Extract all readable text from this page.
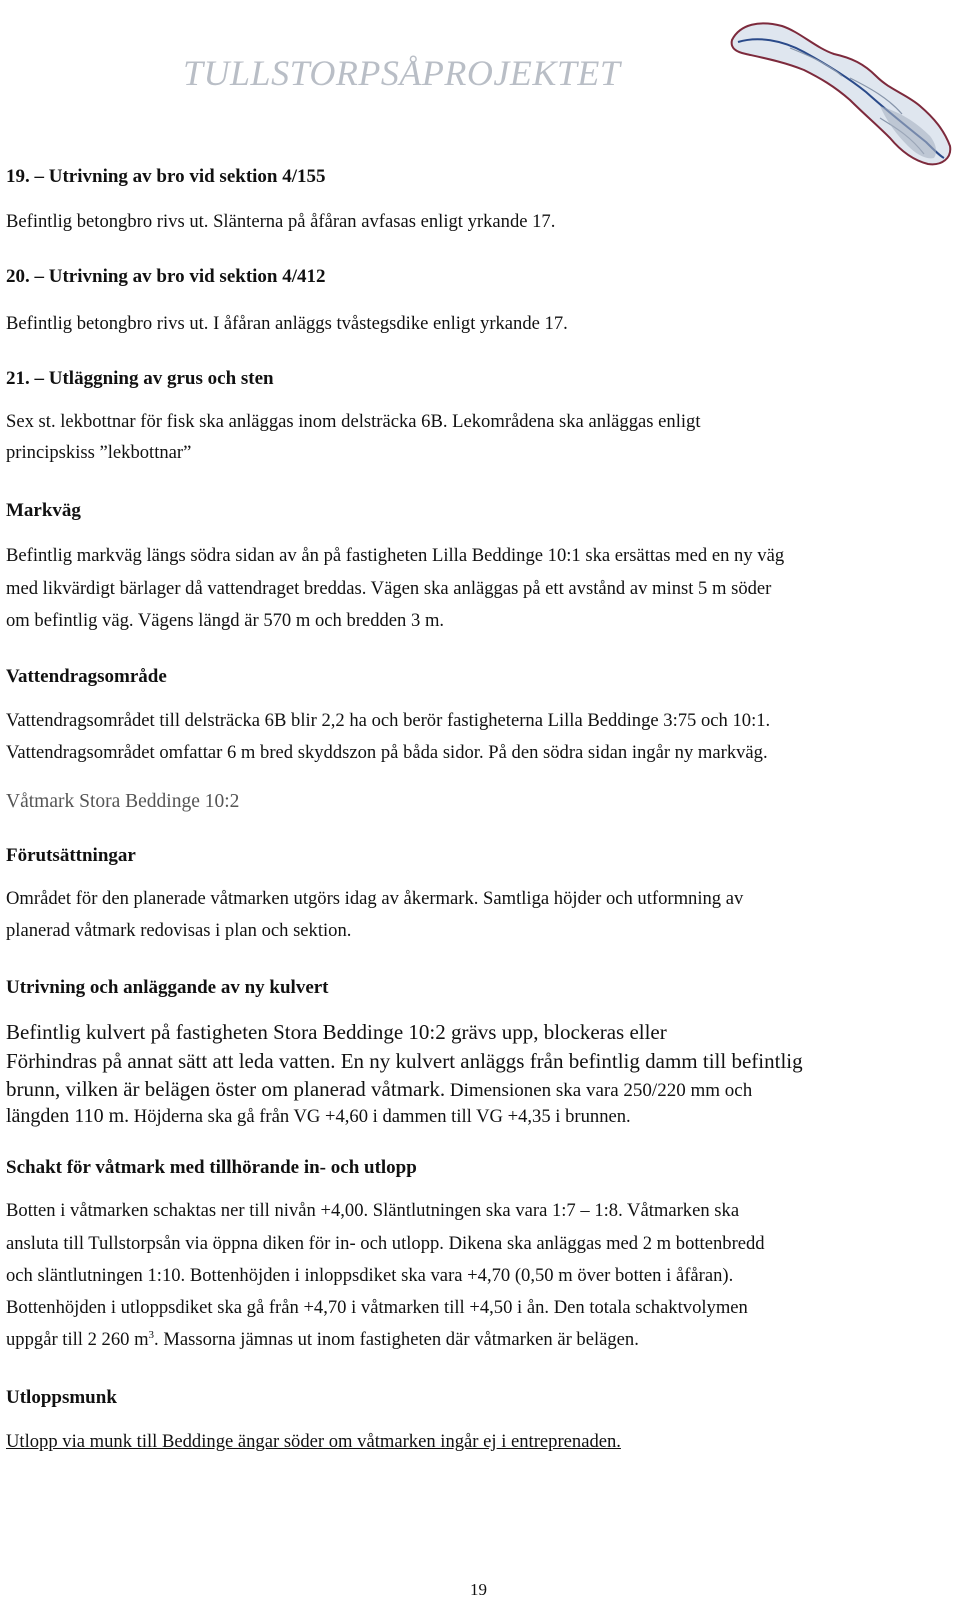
TULLSTORPSÅPROJEKTET
19. – Utrivning av bro vid sektion 4/155
Befintlig betongbro rivs ut. Slänterna på åfåran avfasas enligt yrkande 17.
20. – Utrivning av bro vid sektion 4/412
Befintlig betongbro rivs ut. I åfåran anläggs tvåstegsdike enligt yrkande 17.
21. – Utläggning av grus och sten
Sex st. lekbottnar för fisk ska anläggas inom delsträcka 6B. Lekområdena ska anläggas enligt
principskiss ”lekbottnar”
Markväg
Befintlig markväg längs södra sidan av ån på fastigheten Lilla Beddinge 10:1 ska ersättas med en ny väg
med likvärdigt bärlager då vattendraget breddas. Vägen ska anläggas på ett avstånd av minst 5 m söder
om befintlig väg. Vägens längd är 570 m och bredden 3 m.
Vattendragsområde
Vattendragsområdet till delsträcka 6B blir 2,2 ha och berör fastigheterna Lilla Beddinge 3:75 och 10:1.
Vattendragsområdet omfattar 6 m bred skyddszon på båda sidor. På den södra sidan ingår ny markväg.
Våtmark Stora Beddinge 10:2
Förutsättningar
Området för den planerade våtmarken utgörs idag av åkermark. Samtliga höjder och utformning av
planerad våtmark redovisas i plan och sektion.
Utrivning och anläggande av ny kulvert
Befintlig kulvert på fastigheten Stora Beddinge 10:2 grävs upp, blockeras eller
Förhindras på annat sätt att leda vatten. En ny kulvert anläggs från befintlig damm till befintlig
brunn, vilken är belägen öster om planerad våtmark. Dimensionen ska vara 250/220 mm och
längden 110 m. Höjderna ska gå från VG +4,60 i dammen till VG +4,35 i brunnen.
Schakt för våtmark med tillhörande in- och utlopp
Botten i våtmarken schaktas ner till nivån +4,00. Släntlutningen ska vara 1:7 – 1:8. Våtmarken ska
ansluta till Tullstorpsån via öppna diken för in- och utlopp. Dikena ska anläggas med 2 m bottenbredd
och släntlutningen 1:10. Bottenhöjden i inloppsdiket ska vara +4,70 (0,50 m över botten i åfåran).
Bottenhöjden i utloppsdiket ska gå från +4,70 i våtmarken till +4,50 i ån. Den totala schaktvolymen
uppgår till 2 260 $m^3$. Massorna jämnas ut inom fastigheten där våtmarken är belägen.
Utloppsmunk
Utlopp via munk till Beddinge ängar söder om våtmarken ingår ej i entreprenaden.
19
